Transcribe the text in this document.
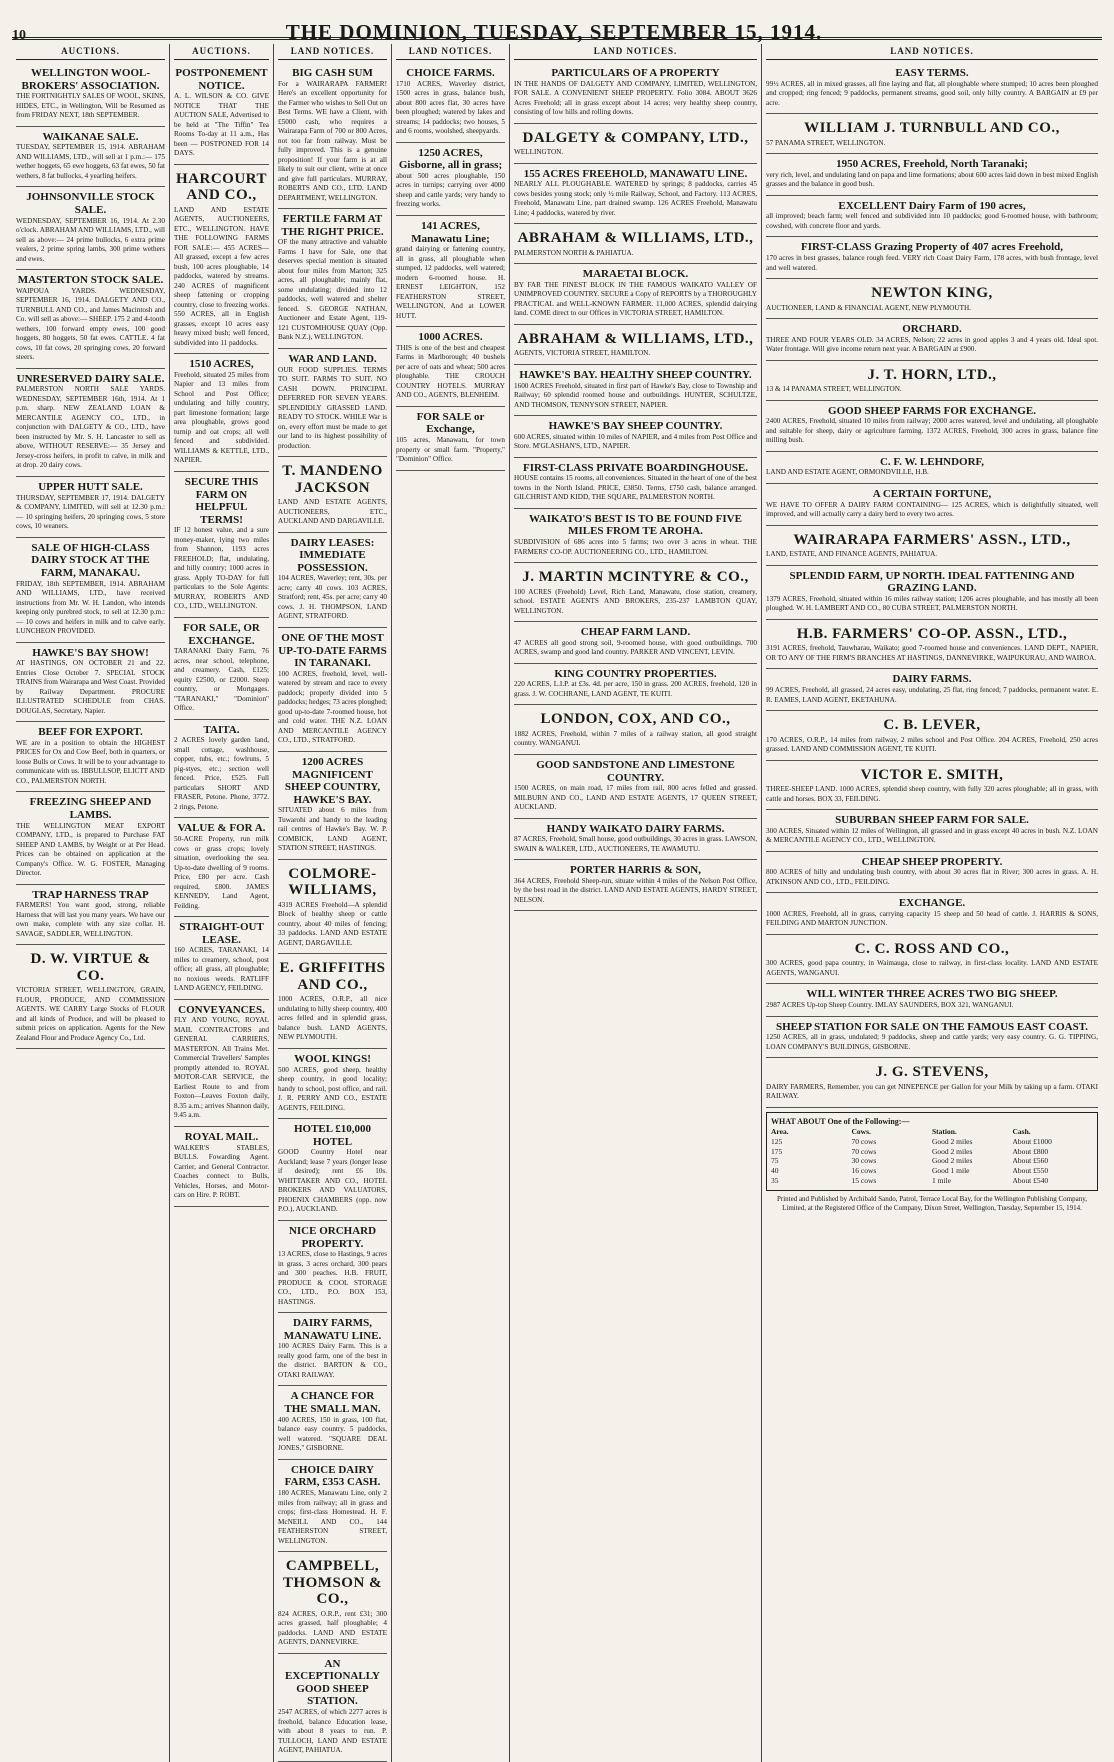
10	THE DOMINION, TUESDAY, SEPTEMBER 15, 1914.
AUCTIONS.
WELLINGTON WOOL-BROKERS' ASSOCIATION.
THE FORTNIGHTLY SALES OF WOOL, SKINS, HIDES, ETC., in Wellington, Will be Resumed as from FRIDAY NEXT, 18th SEPTEMBER.
WAIKANAE SALE.
TUESDAY, SEPTEMBER 15, 1914. ABRAHAM AND WILLIAMS, LTD., will sell at 1 p.m.:— 175 wether hoggets, 65 ewe hoggets, 63 fat ewes, 50 fat wethers, 8 fat bullocks, 4 yearling heifers.
JOHNSONVILLE STOCK SALE.
WEDNESDAY, SEPTEMBER 16, 1914. At 2.30 o'clock. ABRAHAM AND WILLIAMS, LTD., will sell as above:— 24 prime bullocks, 6 extra prime vealers, 2 prime spring lambs, 300 prime wethers and ewes.
MASTERTON STOCK SALE.
WAIPOUA YARDS. WEDNESDAY, SEPTEMBER 16, 1914. DALGETY AND CO., TURNBULL AND CO., and James Macintosh and Co. will sell as above:— SHEEP. 175 2 and 4-tooth wethers, 100 forward empty ewes, 100 good hoggets, 80 hoggets, 50 fat ewes. CATTLE. 4 fat cows, 10 fat cows, 20 springing cows, 20 forward steers.
UNRESERVED DAIRY SALE.
PALMERSTON NORTH SALE YARDS. WEDNESDAY, SEPTEMBER 16th, 1914. At 1 p.m. sharp. NEW ZEALAND LOAN & MERCANTILE AGENCY CO., LTD., in conjunction with DALGETY & CO., LTD., have been instructed by Mr. S. H. Lancaster to sell as above, WITHOUT RESERVE:— 35 Jersey and Jersey-cross heifers, in profit to calve, in milk and at drop. 20 dairy cows.
UPPER HUTT SALE.
THURSDAY, SEPTEMBER 17, 1914. DALGETY & COMPANY, LIMITED, will sell at 12.30 p.m.:— 10 springing heifers, 20 springing cows, 5 store cows, 10 weaners.
SALE OF HIGH-CLASS DAIRY STOCK AT THE FARM, MANAKAU.
FRIDAY, 18th SEPTEMBER, 1914. ABRAHAM AND WILLIAMS, LTD., have received instructions from Mr. W. H. Landon, who intends keeping only purebred stock, to sell at 12.30 p.m.:— 10 cows and heifers in milk and to calve early. LUNCHEON PROVIDED.
HAWKE'S BAY SHOW!
AT HASTINGS, ON OCTOBER 21 and 22. Entries Close October 7. SPECIAL STOCK TRAINS from Wairarapa and West Coast. Provided by Railway Department. PROCURE ILLUSTRATED SCHEDULE from CHAS. DOUGLAS, Secretary, Napier.
BEEF FOR EXPORT.
WE are in a position to obtain the HIGHEST PRICES for Ox and Cow Beef, both in quarters, or loose Bulls or Cows. It will be to your advantage to communicate with us. IBBULLSOP, ELICTT AND CO., PALMERSTON NORTH.
FREEZING SHEEP AND LAMBS.
THE WELLINGTON MEAT EXPORT COMPANY, LTD., is prepared to Purchase FAT SHEEP AND LAMBS, by Weight or at Per Head. Prices can be obtained on application at the Company's Office. W. G. FOSTER, Managing Director.
TRAP HARNESS TRAP
FARMERS! You want good, strong, reliable Harness that will last you many years. We have our own make, complete with any size collar. H. SAVAGE, SADDLER, WELLINGTON.
D. W. VIRTUE & CO.
VICTORIA STREET, WELLINGTON, GRAIN, FLOUR, PRODUCE, AND COMMISSION AGENTS. WE CARRY Large Stocks of FLOUR and all kinds of Produce, and will be pleased to submit prices on application. Agents for the New Zealand Flour and Produce Agency Co., Ltd.
AUCTIONS.
POSTPONEMENT NOTICE.
A. L. WILSON & CO. GIVE NOTICE THAT THE AUCTION SALE, Advertised to be held at "The Tiffin" Tea Rooms To-day at 11 a.m., Has been — POSTPONED FOR 14 DAYS.
HARCOURT AND CO.,
LAND AND ESTATE AGENTS, AUCTIONEERS, ETC., WELLINGTON. HAVE THE FOLLOWING FARMS FOR SALE:— 455 ACRES—All grassed, except a few acres bush, 100 acres ploughable, 14 paddocks, watered by streams. 240 ACRES of magnificent sheep fattening or cropping country, close to freezing works. 550 ACRES, all in English grasses, except 10 acres easy heavy mixed bush; well fenced, subdivided into 11 paddocks.
1510 ACRES,
Freehold, situated 25 miles from Napier and 13 miles from School and Post Office; undulating and hilly country, part limestone formation; large area ploughable, grows good turnip and oat crops; all well fenced and subdivided. WILLIAMS & KETTLE, LTD., NAPIER.
SECURE THIS FARM ON HELPFUL TERMS!
IF 12 honest value, and a sure money-maker, lying two miles from Shannon, 1193 acres FREEHOLD; flat, undulating, and hilly country; 1000 acres in grass. Apply TO-DAY for full particulars to the Sole Agents: MURRAY, ROBERTS AND CO., LTD., WELLINGTON.
FOR SALE, OR EXCHANGE.
TARANAKI Dairy Farm, 76 acres, near school, telephone, and creamery. Cash, £125; equity £2500, or £2000. Steep country, or Mortgages. "TARANAKI," "Dominion" Office.
TAITA.
2 ACRES lovely garden land, small cottage, washhouse, copper, tubs, etc.; fowlruns, 5 pig-styes, etc.; section well fenced. Price, £525. Full particulars SHORT AND FRASER, Petone. Phone, 3772. 2 rings, Petone.
VALUE & FOR A.
50-ACRE Property, run milk cows or grass crops; lovely situation, overlooking the sea. Up-to-date dwelling of 9 rooms. Price, £80 per acre. Cash required, £800. JAMES KENNEDY, Land Agent, Feilding.
STRAIGHT-OUT LEASE.
160 ACRES, TARANAKI, 14 miles to creamery, school, post office; all grass, all ploughable; no noxious weeds. RATLIFF LAND AGENCY, FEILDING.
CONVEYANCES.
FLY AND YOUNG, ROYAL MAIL CONTRACTORS and GENERAL CARRIERS, MASTERTON. All Trains Met. Commercial Travellers' Samples promptly attended to. ROYAL MOTOR-CAR SERVICE, the Earliest Route to and from Foxton—Leaves Foxton daily, 8.35 a.m.; arrives Shannon daily, 9.45 a.m.
ROYAL MAIL.
WALKER'S STABLES, BULLS. Fowarding Agent. Carrier, and General Contractor. Coaches connect to Bulls, Vehicles, Horses, and Motor-cars on Hire. P. ROBT.
LAND NOTICES.
BIG CASH SUM
For a WAIRARAPA FARMER! Here's an excellent opportunity for the Farmer who wishes to Sell Out on Best Terms. WE have a Client, with £5000 cash, who requires a Wairarapa Farm of 700 or 800 Acres, not too far from railway. Must be fully improved. This is a genuine proposition! If your farm is at all likely to suit our client, write at once and give full particulars. MURRAY, ROBERTS AND CO., LTD. LAND DEPARTMENT, WELLINGTON.
FERTILE FARM AT THE RIGHT PRICE.
OF the many attractive and valuable Farms I have for Sale, one that deserves special mention is situated about four miles from Marton; 325 acres, all ploughable; mainly flat, some undulating; divided into 12 paddocks, well watered and shelter fenced. S. GEORGE NATHAN, Auctioneer and Estate Agent, 119-121 CUSTOMHOUSE QUAY (Opp. Bank N.Z.), WELLINGTON.
WAR AND LAND.
OUR FOOD SUPPLIES. TERMS TO SUIT. FARMS TO SUIT. NO CASH DOWN. PRINCIPAL DEFERRED FOR SEVEN YEARS. SPLENDIDLY GRASSED LAND. READY TO STOCK. WHILE War is on, every effort must be made to get our land to its highest possibility of production.
T. MANDENO JACKSON
LAND AND ESTATE AGENTS, AUCTIONEERS, ETC., AUCKLAND AND DARGAVILLE.
DAIRY LEASES: IMMEDIATE POSSESSION.
104 ACRES, Waverley; rent, 30s. per acre; carry 40 cows. 103 ACRES, Stratford; rent, 45s. per acre; carry 40 cows. J. H. THOMPSON, LAND AGENT, STRATFORD.
ONE OF THE MOST UP-TO-DATE FARMS IN TARANAKI.
100 ACRES, freehold, level, well-watered by stream and race to every paddock; properly divided into 5 paddocks; hedges; 73 acres ploughed; good up-to-date 7-roomed house, hot and cold water. THE N.Z. LOAN AND MERCANTILE AGENCY CO., LTD., STRATFORD.
1200 ACRES MAGNIFICENT SHEEP COUNTRY, HAWKE'S BAY.
SITUATED about 6 miles from Tuwarohi and handy to the leading rail centres of Hawke's Bay. W. P. COMBICK, LAND AGENT, STATION STREET, HASTINGS.
COLMORE-WILLIAMS,
4319 ACRES Freehold—A splendid Block of healthy sheep or cattle country, about 40 miles of fencing; 33 paddocks. LAND AND ESTATE AGENT, DARGAVILLE.
E. GRIFFITHS AND CO.,
1000 ACRES, O.R.P., all nice undulating to hilly sheep country, 400 acres felled and in splendid grass, balance bush. LAND AGENTS, NEW PLYMOUTH.
WOOL KINGS!
500 ACRES, good sheep, healthy sheep country, in good locality; handy to school, post office, and rail. J. R. PERRY AND CO., ESTATE AGENTS, FEILDING.
HOTEL £10,000 HOTEL
GOOD Country Hotel near Auckland; lease 7 years (longer lease if desired); rent £6 10s. WHITTAKER AND CO., HOTEL BROKERS AND VALUATORS, PHOENIX CHAMBERS (opp. now P.O.), AUCKLAND.
NICE ORCHARD PROPERTY.
13 ACRES, close to Hastings, 9 acres in grass, 3 acres orchard, 300 pears and 300 peaches. H.B. FRUIT, PRODUCE & COOL STORAGE CO., LTD., P.O. BOX 153, HASTINGS.
DAIRY FARMS, MANAWATU LINE.
100 ACRES Dairy Farm. This is a really good farm, one of the best in the district. BARTON & CO., OTAKI RAILWAY.
A CHANCE FOR THE SMALL MAN.
400 ACRES, 150 in grass, 100 flat, balance easy country. 5 paddocks, well watered. "SQUARE DEAL JONES," GISBORNE.
CHOICE DAIRY FARM, £353 CASH.
180 ACRES, Manawatu Line, only 2 miles from railway; all in grass and crops; first-class Homestead. H. F. McNEILL AND CO., 144 FEATHERSTON STREET, WELLINGTON.
CAMPBELL, THOMSON & CO.,
824 ACRES, O.R.P., rent £31; 300 acres grassed, half ploughable; 4 paddocks. LAND AND ESTATE AGENTS, DANNEVIRKE.
AN EXCEPTIONALLY GOOD SHEEP STATION.
2547 ACRES, of which 2277 acres is freehold, balance Education lease, with about 8 years to run. P. TULLOCH, LAND AND ESTATE AGENT, PAHIATUA.
LAND NOTICES.
CHOICE FARMS.
1710 ACRES, Waverley district, 1500 acres in grass, balance bush, about 800 acres flat, 30 acres have been ploughed; watered by lakes and streams; 14 paddocks; two houses, 5 and 6 rooms, woolshed, sheepyards.
1250 ACRES, Gisborne, all in grass;
about 500 acres ploughable, 150 acres in turnips; carrying over 4000 sheep and cattle yards; very handy to freezing works.
141 ACRES, Manawatu Line;
grand dairying or fattening country, all in grass, all ploughable when stumped, 12 paddocks, well watered; modern 6-roomed house. H. ERNEST LEIGHTON, 152 FEATHERSTON STREET, WELLINGTON, And at LOWER HUTT.
1000 ACRES.
THIS is one of the best and cheapest Farms in Marlborough; 40 bushels per acre of oats and wheat; 500 acres ploughable. THE CROUCH COUNTRY HOTELS. MURRAY AND CO., AGENTS, BLENHEIM.
FOR SALE or Exchange,
105 acres, Manawatu, for town property or small farm. "Property," "Dominion" Office.
LAND NOTICES.
PARTICULARS OF A PROPERTY
IN THE HANDS OF DALGETY AND COMPANY, LIMITED, WELLINGTON, FOR SALE. A CONVENIENT SHEEP PROPERTY. Folio 3084. ABOUT 3626 Acres Freehold; all in grass except about 14 acres; very healthy sheep country, consisting of low hills and rolling downs.
DALGETY & COMPANY, LTD.,
WELLINGTON.
155 ACRES FREEHOLD, MANAWATU LINE.
NEARLY ALL PLOUGHABLE. WATERED by springs; 8 paddocks, carries 45 cows besides young stock; only ½ mile Railway, School, and Factory. 113 ACRES, Freehold, Manawatu Line, part drained swamp. 126 ACRES Freehold, Manawatu Line; 4 paddocks, watered by river.
ABRAHAM & WILLIAMS, LTD.,
PALMERSTON NORTH & PAHIATUA.
MARAETAI BLOCK.
BY FAR THE FINEST BLOCK IN THE FAMOUS WAIKATO VALLEY OF UNIMPROVED COUNTRY. SECURE a Copy of REPORTS by a THOROUGHLY PRACTICAL and WELL-KNOWN FARMER. 11,000 ACRES, splendid dairying land. COME direct to our Offices in VICTORIA STREET, HAMILTON.
ABRAHAM & WILLIAMS, LTD.,
AGENTS, VICTORIA STREET, HAMILTON.
HAWKE'S BAY. HEALTHY SHEEP COUNTRY.
1600 ACRES Freehold, situated in first part of Hawke's Bay, close to Township and Railway; 60 splendid roomed house and outbuildings. HUNTER, SCHULTZE, AND THOMSON, TENNYSON STREET, NAPIER.
HAWKE'S BAY SHEEP COUNTRY.
600 ACRES, situated within 10 miles of NAPIER, and 4 miles from Post Office and Store. M'GLASHAN'S, LTD., NAPIER.
FIRST-CLASS PRIVATE BOARDINGHOUSE.
HOUSE contains 15 rooms, all conveniences. Situated in the heart of one of the best towns in the North Island. PRICE, £3850. Terms, £750 cash, balance arranged. GILCHRIST AND KIDD, THE SQUARE, PALMERSTON NORTH.
WAIKATO'S BEST IS TO BE FOUND FIVE MILES FROM TE AROHA.
SUBDIVISION of 686 acres into 5 farms; two over 3 acres in wheat. THE FARMERS' CO-OP. AUCTIONEERING CO., LTD., HAMILTON.
J. MARTIN MCINTYRE & CO.,
100 ACRES (Freehold) Level, Rich Land, Manawatu, close station, creamery, school. ESTATE AGENTS AND BROKERS, 235-237 LAMBTON QUAY, WELLINGTON.
CHEAP FARM LAND.
47 ACRES all good strong soil, 9-roomed house, with good outbuildings. 700 ACRES, swamp and good land country. PARKER AND VINCENT, LEVIN.
KING COUNTRY PROPERTIES.
220 ACRES, L.I.P. at £3s. 4d. per acre, 150 in grass. 200 ACRES, freehold, 120 in grass. J. W. COCHRANE, LAND AGENT, TE KUITI.
LONDON, COX, AND CO.,
1882 ACRES, Freehold, within 7 miles of a railway station, all good straight country. WANGANUI.
GOOD SANDSTONE AND LIMESTONE COUNTRY.
1500 ACRES, on main road, 17 miles from rail, 800 acres felled and grassed. MILBURN AND CO., LAND AND ESTATE AGENTS, 17 QUEEN STREET, AUCKLAND.
HANDY WAIKATO DAIRY FARMS.
87 ACRES, Freehold, Small house, good outbuildings, 30 acres in grass. LAWSON, SWAIN & WALKER, LTD., AUCTIONEERS, TE AWAMUTU.
PORTER HARRIS & SON,
364 ACRES, Freehold Sheep-run, situate within 4 miles of the Nelson Post Office, by the best road in the district. LAND AND ESTATE AGENTS, HARDY STREET, NELSON.
LAND NOTICES.
EASY TERMS.
99½ ACRES, all in mixed grasses, all fine laying and flat, all ploughable where stumped; 10 acres been ploughed and cropped; ring fenced; 9 paddocks, permanent streams, good soil, only hilly country. A BARGAIN at £9 per acre.
WILLIAM J. TURNBULL AND CO.,
57 PANAMA STREET, WELLINGTON.
1950 ACRES, Freehold, North Taranaki;
very rich, level, and undulating land on papa and lime formations; about 600 acres laid down in best mixed English grasses and the balance in good bush.
EXCELLENT Dairy Farm of 190 acres,
all improved; beach farm; well fenced and subdivided into 10 paddocks; good 6-roomed house, with bathroom; cowshed, with concrete floor and yards.
FIRST-CLASS Grazing Property of 407 acres Freehold,
170 acres in best grasses, balance rough feed. VERY rich Coast Dairy Farm, 178 acres, with bush frontage, level and well watered.
NEWTON KING,
AUCTIONEER, LAND & FINANCIAL AGENT, NEW PLYMOUTH.
ORCHARD.
THREE AND FOUR YEARS OLD. 34 ACRES, Nelson; 22 acres in good apples 3 and 4 years old. Ideal spot. Water frontage. Will give income return next year. A BARGAIN at £900.
J. T. HORN, LTD.,
13 & 14 PANAMA STREET, WELLINGTON.
GOOD SHEEP FARMS FOR EXCHANGE.
2400 ACRES, Freehold, situated 10 miles from railway; 2000 acres watered, level and undulating, all ploughable and suitable for sheep, dairy or agriculture farming. 1372 ACRES, Freehold, 300 acres in grass, balance fine milling bush.
C. F. W. LEHNDORF,
LAND AND ESTATE AGENT, ORMONDVILLE, H.B.
A CERTAIN FORTUNE,
WE HAVE TO OFFER A DAIRY FARM CONTAINING— 125 ACRES, which is delightfully situated, well improved, and will actually carry a dairy herd to every two acres.
WAIRARAPA FARMERS' ASSN., LTD.,
LAND, ESTATE, AND FINANCE AGENTS, PAHIATUA.
SPLENDID FARM, UP NORTH. IDEAL FATTENING AND GRAZING LAND.
1379 ACRES, Freehold, situated within 16 miles railway station; 1206 acres ploughable, and has mostly all been ploughed. W. H. LAMBERT AND CO., 80 CUBA STREET, PALMERSTON NORTH.
H.B. FARMERS' CO-OP. ASSN., LTD.,
3191 ACRES, freehold, Tauwharau, Waikato; good 7-roomed house and conveniences. LAND DEPT., NAPIER, OR TO ANY OF THE FIRM'S BRANCHES AT HASTINGS, DANNEVIRKE, WAIPUKURAU, AND WAIROA.
DAIRY FARMS.
99 ACRES, Freehold, all grassed, 24 acres easy, undulating, 25 flat, ring fenced; 7 paddocks, permanent water. E. R. EAMES, LAND AGENT, EKETAHUNA.
C. B. LEVER,
170 ACRES, O.R.P., 14 miles from railway, 2 miles school and Post Office. 204 ACRES, Freehold, 250 acres grassed. LAND AND COMMISSION AGENT, TE KUITI.
VICTOR E. SMITH,
THREE-SHEEP LAND. 1000 ACRES, splendid sheep country, with fully 320 acres ploughable; all in grass, with cattle and horses. BOX 33, FEILDING.
SUBURBAN SHEEP FARM FOR SALE.
300 ACRES, Situated within 12 miles of Wellington, all grassed and in grass except 40 acres in bush. N.Z. LOAN & MERCANTILE AGENCY CO., LTD., WELLINGTON.
CHEAP SHEEP PROPERTY.
800 ACRES of hilly and undulating bush country, with about 30 acres flat in River; 300 acres in grass. A. H. ATKINSON AND CO., LTD., FEILDING.
EXCHANGE.
1000 ACRES, Freehold, all in grass, carrying capacity 15 sheep and 50 head of cattle. J. HARRIS & SONS, FEILDING AND MARTON JUNCTION.
C. C. ROSS AND CO.,
300 ACRES, good papa country, in Waimauga, close to railway, in first-class locality. LAND AND ESTATE AGENTS, WANGANUI.
WILL WINTER THREE ACRES TWO BIG SHEEP.
2987 ACRES Up-top Sheep Country. IMLAY SAUNDERS, BOX 321, WANGANUI.
SHEEP STATION FOR SALE ON THE FAMOUS EAST COAST.
1250 ACRES, all in grass, undulated; 9 paddocks, sheep and cattle yards; very easy country. G. G. TIPPING, LOAN COMPANY'S BUILDINGS, GISBORNE.
J. G. STEVENS,
DAIRY FARMERS, Remember, you can get NINEPENCE per Gallon for your Milk by taking up a farm. OTAKI RAILWAY.
WHAT ABOUT One of the Following:—
Area.	Cows.	Station.	Cash.
125	70 cows	Good 2 miles	About £1000
175	70 cows	Good 2 miles	About £800
75	30 cows	Good 2 miles	About £560
40	16 cows	Good 1 mile	About £550
35	15 cows	1 mile	About £540
Printed and Published by Archibald Sando, Patrol, Terrace Local Bay, for the Wellington Publishing Company, Limited, at the Registered Office of the Company, Dixon Street, Wellington, Tuesday, September 15, 1914.
